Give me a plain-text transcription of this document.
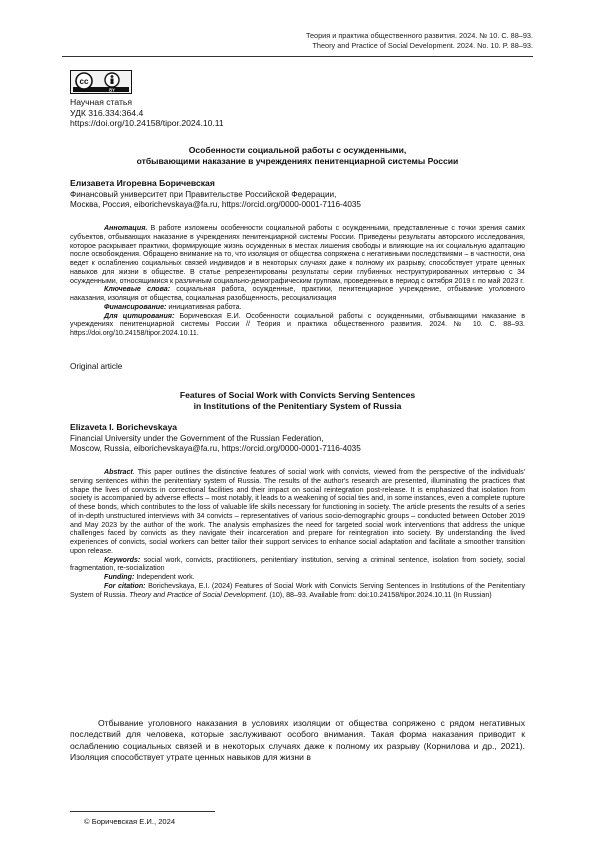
Теория и практика общественного развития. 2024. № 10. С. 88–93.
Theory and Practice of Social Development. 2024. No. 10. P. 88–93.
cc
BY
Научная статья
УДК 316.334:364.4
https://doi.org/10.24158/tipor.2024.10.11
Особенности социальной работы с осужденными,
отбывающими наказание в учреждениях пенитенциарной системы России
Елизавета Игоревна Боричевская
Финансовый университет при Правительстве Российской Федерации,
Москва, Россия, eiborichevskaya@fa.ru, https://orcid.org/0000-0001-7116-4035

Аннотация. В работе изложены особенности социальной работы с осужденными, представленные с точки зрения самих субъектов, отбывающих наказание в учреждениях пенитенциарной системы России. Приведены результаты авторского исследования, которое раскрывает практики, формирующие жизнь осужденных в местах лишения свободы и влияющие на их социальную адаптацию после освобождения. Обращено внимание на то, что изоляция от общества сопряжена с негативными последствиями – в частности, она ведет к ослаблению социальных связей индивидов и в некоторых случаях даже к полному их разрыву, способствует утрате ценных навыков для жизни в обществе. В статье репрезентированы результаты серии глубинных неструктурированных интервью с 34 осужденными, относящимися к различным социально-демографическим группам, проведенных в период с октября 2019 г. по май 2023 г.

Ключевые слова: социальная работа, осужденные, практики, пенитенциарное учреждение, отбывание уголовного наказания, изоляция от общества, социальная разобщенность, ресоциализация

Финансирование: инициативная работа.

Для цитирования: Боричевская Е.И. Особенности социальной работы с осужденными, отбывающими наказание в учреждениях пенитенциарной системы России // Теория и практика общественного развития. 2024. № 10. С. 88–93. https://doi.org/10.24158/tipor.2024.10.11.

Original article
Features of Social Work with Convicts Serving Sentences
in Institutions of the Penitentiary System of Russia
Elizaveta I. Borichevskaya
Financial University under the Government of the Russian Federation,
Moscow, Russia, eiborichevskaya@fa.ru, https://orcid.org/0000-0001-7116-4035

Abstract. This paper outlines the distinctive features of social work with convicts, viewed from the perspective of the individuals' serving sentences within the penitentiary system of Russia. The results of the author's research are presented, illuminating the practices that shape the lives of convicts in correctional facilities and their impact on social reintegration post-release. It is emphasized that isolation from society is accompanied by adverse effects – most notably, it leads to a weakening of social ties and, in some instances, even a complete rupture of these bonds, which contributes to the loss of valuable life skills necessary for functioning in society. The article presents the results of a series of in-depth unstructured interviews with 34 convicts – representatives of various socio-demographic groups – conducted between October 2019 and May 2023 by the author of the work. The analysis emphasizes the need for targeted social work interventions that address the unique challenges faced by convicts as they navigate their incarceration and prepare for reintegration into society. By understanding the lived experiences of convicts, social workers can better tailor their support services to enhance social adaptation and facilitate a smoother transition upon release.

Keywords: social work, convicts, practitioners, penitentiary institution, serving a criminal sentence, isolation from society, social fragmentation, re-socialization

Funding: Independent work.

For citation: Borichevskaya, E.I. (2024) Features of Social Work with Convicts Serving Sentences in Institutions of the Penitentiary System of Russia. Theory and Practice of Social Development. (10), 88–93. Available from: doi:10.24158/tipor.2024.10.11 (In Russian)

Отбывание уголовного наказания в условиях изоляции от общества сопряжено с рядом негативных последствий для человека, которые заслуживают особого внимания. Такая форма наказания приводит к ослаблению социальных связей и в некоторых случаях даже к полному их разрыву (Корнилова и др., 2021). Изоляция способствует утрате ценных навыков для жизни в

© Боричевская Е.И., 2024
